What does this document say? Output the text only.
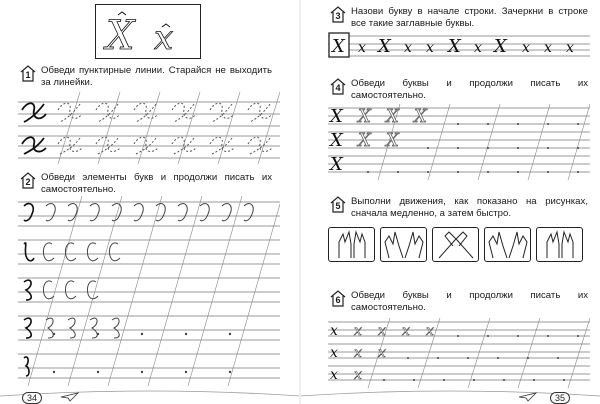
Х х
1	Обведи пунктирные линии. Старайся не выходить за линейки.
2	Обведи элементы букв и продолжи писать их самостоятельно.
34
3	Назови букву в начале строки. Зачеркни в строке все такие заглавные буквы.
Х х Х х х Х х Х х х х
4	Обведи буквы и продолжи писать их самостоятельно.
Х
Х
Х
Х Х Х
Х Х
5	Выполни движения, как показано на рисунках, сначала медленно, а затем быстро.
6	Обведи буквы и продолжи писать их самостоятельно.
х
х
х
х х х х
х х
х
35
